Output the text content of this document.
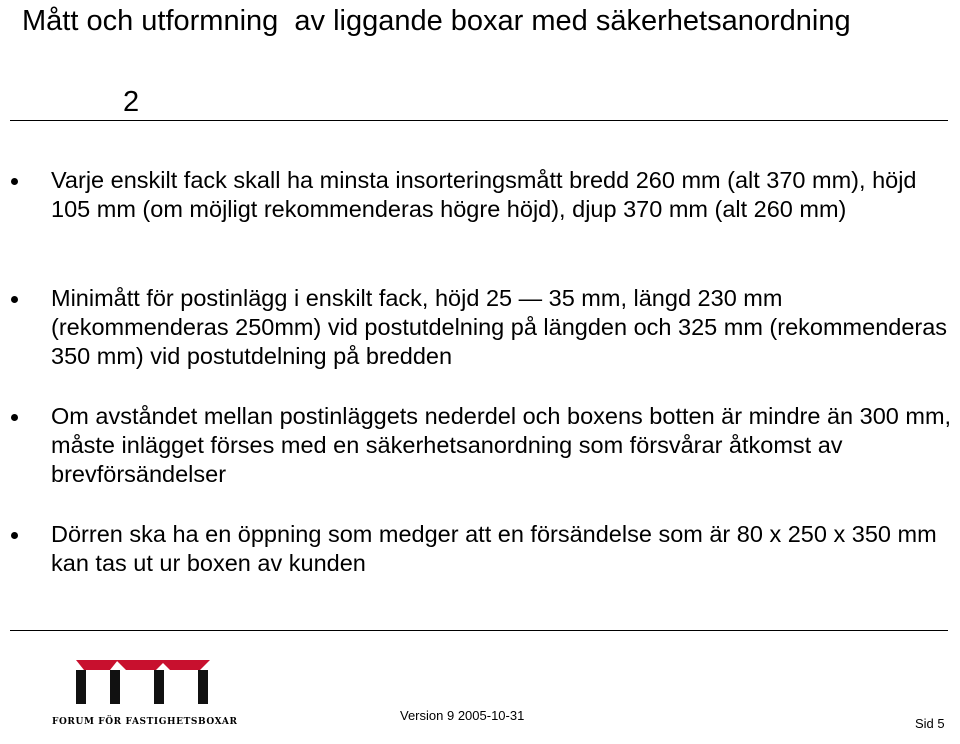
Mått och utformning  av liggande boxar med säkerhetsanordning
2
Varje enskilt fack skall ha minsta insorteringsmått bredd 260 mm (alt 370 mm), höjd 105 mm (om möjligt rekommenderas högre höjd), djup 370 mm (alt 260 mm)
Minimått för postinlägg i enskilt fack, höjd 25 — 35 mm, längd 230 mm (rekommenderas 250mm) vid postutdelning på längden och 325 mm (rekommenderas 350 mm) vid postutdelning på bredden
Om avståndet mellan postinläggets nederdel och boxens botten är mindre än 300 mm, måste inlägget förses med en säkerhetsanordning som försvårar åtkomst av brevförsändelser
Dörren ska ha en öppning som medger att en försändelse som är 80 x 250 x 350 mm kan tas ut ur boxen av kunden
FORUM FÖR FASTIGHETSBOXAR	Version 9 2005-10-31
Sid 5
